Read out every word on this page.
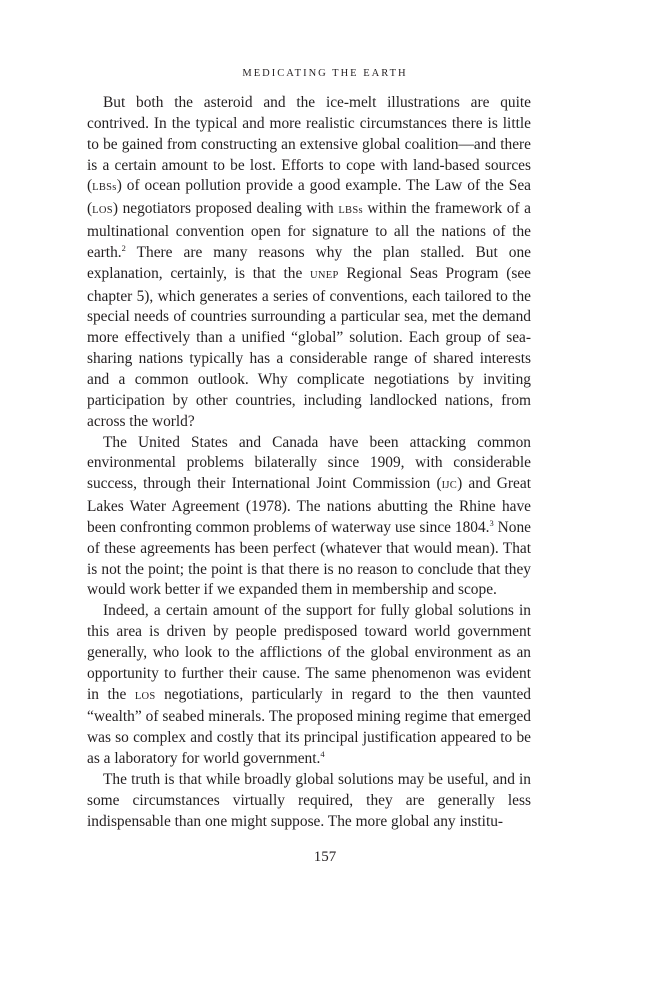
MEDICATING THE EARTH

But both the asteroid and the ice-melt illustrations are quite contrived. In the typical and more realistic circumstances there is little to be gained from constructing an extensive global coalition—and there is a certain amount to be lost. Efforts to cope with land-based sources (LBSs) of ocean pollution provide a good example. The Law of the Sea (LOS) negotiators proposed dealing with LBSs within the framework of a multinational convention open for signature to all the nations of the earth.$^2$ There are many reasons why the plan stalled. But one explanation, certainly, is that the UNEP Regional Seas Program (see chapter 5), which generates a series of conventions, each tailored to the special needs of countries surrounding a particular sea, met the demand more effectively than a unified “global” solution. Each group of sea-sharing nations typically has a considerable range of shared interests and a common outlook. Why complicate negotiations by inviting participation by other countries, including landlocked nations, from across the world?

The United States and Canada have been attacking common environmental problems bilaterally since 1909, with considerable success, through their International Joint Commission (IJC) and Great Lakes Water Agreement (1978). The nations abutting the Rhine have been confronting common problems of waterway use since 1804.$^3$ None of these agreements has been perfect (whatever that would mean). That is not the point; the point is that there is no reason to conclude that they would work better if we expanded them in membership and scope.

Indeed, a certain amount of the support for fully global solutions in this area is driven by people predisposed toward world government generally, who look to the afflictions of the global environment as an opportunity to further their cause. The same phenomenon was evident in the LOS negotiations, particularly in regard to the then vaunted “wealth” of seabed minerals. The proposed mining regime that emerged was so complex and costly that its principal justification appeared to be as a laboratory for world government.$^4$

The truth is that while broadly global solutions may be useful, and in some circumstances virtually required, they are generally less indispensable than one might suppose. The more global any institu-

157
